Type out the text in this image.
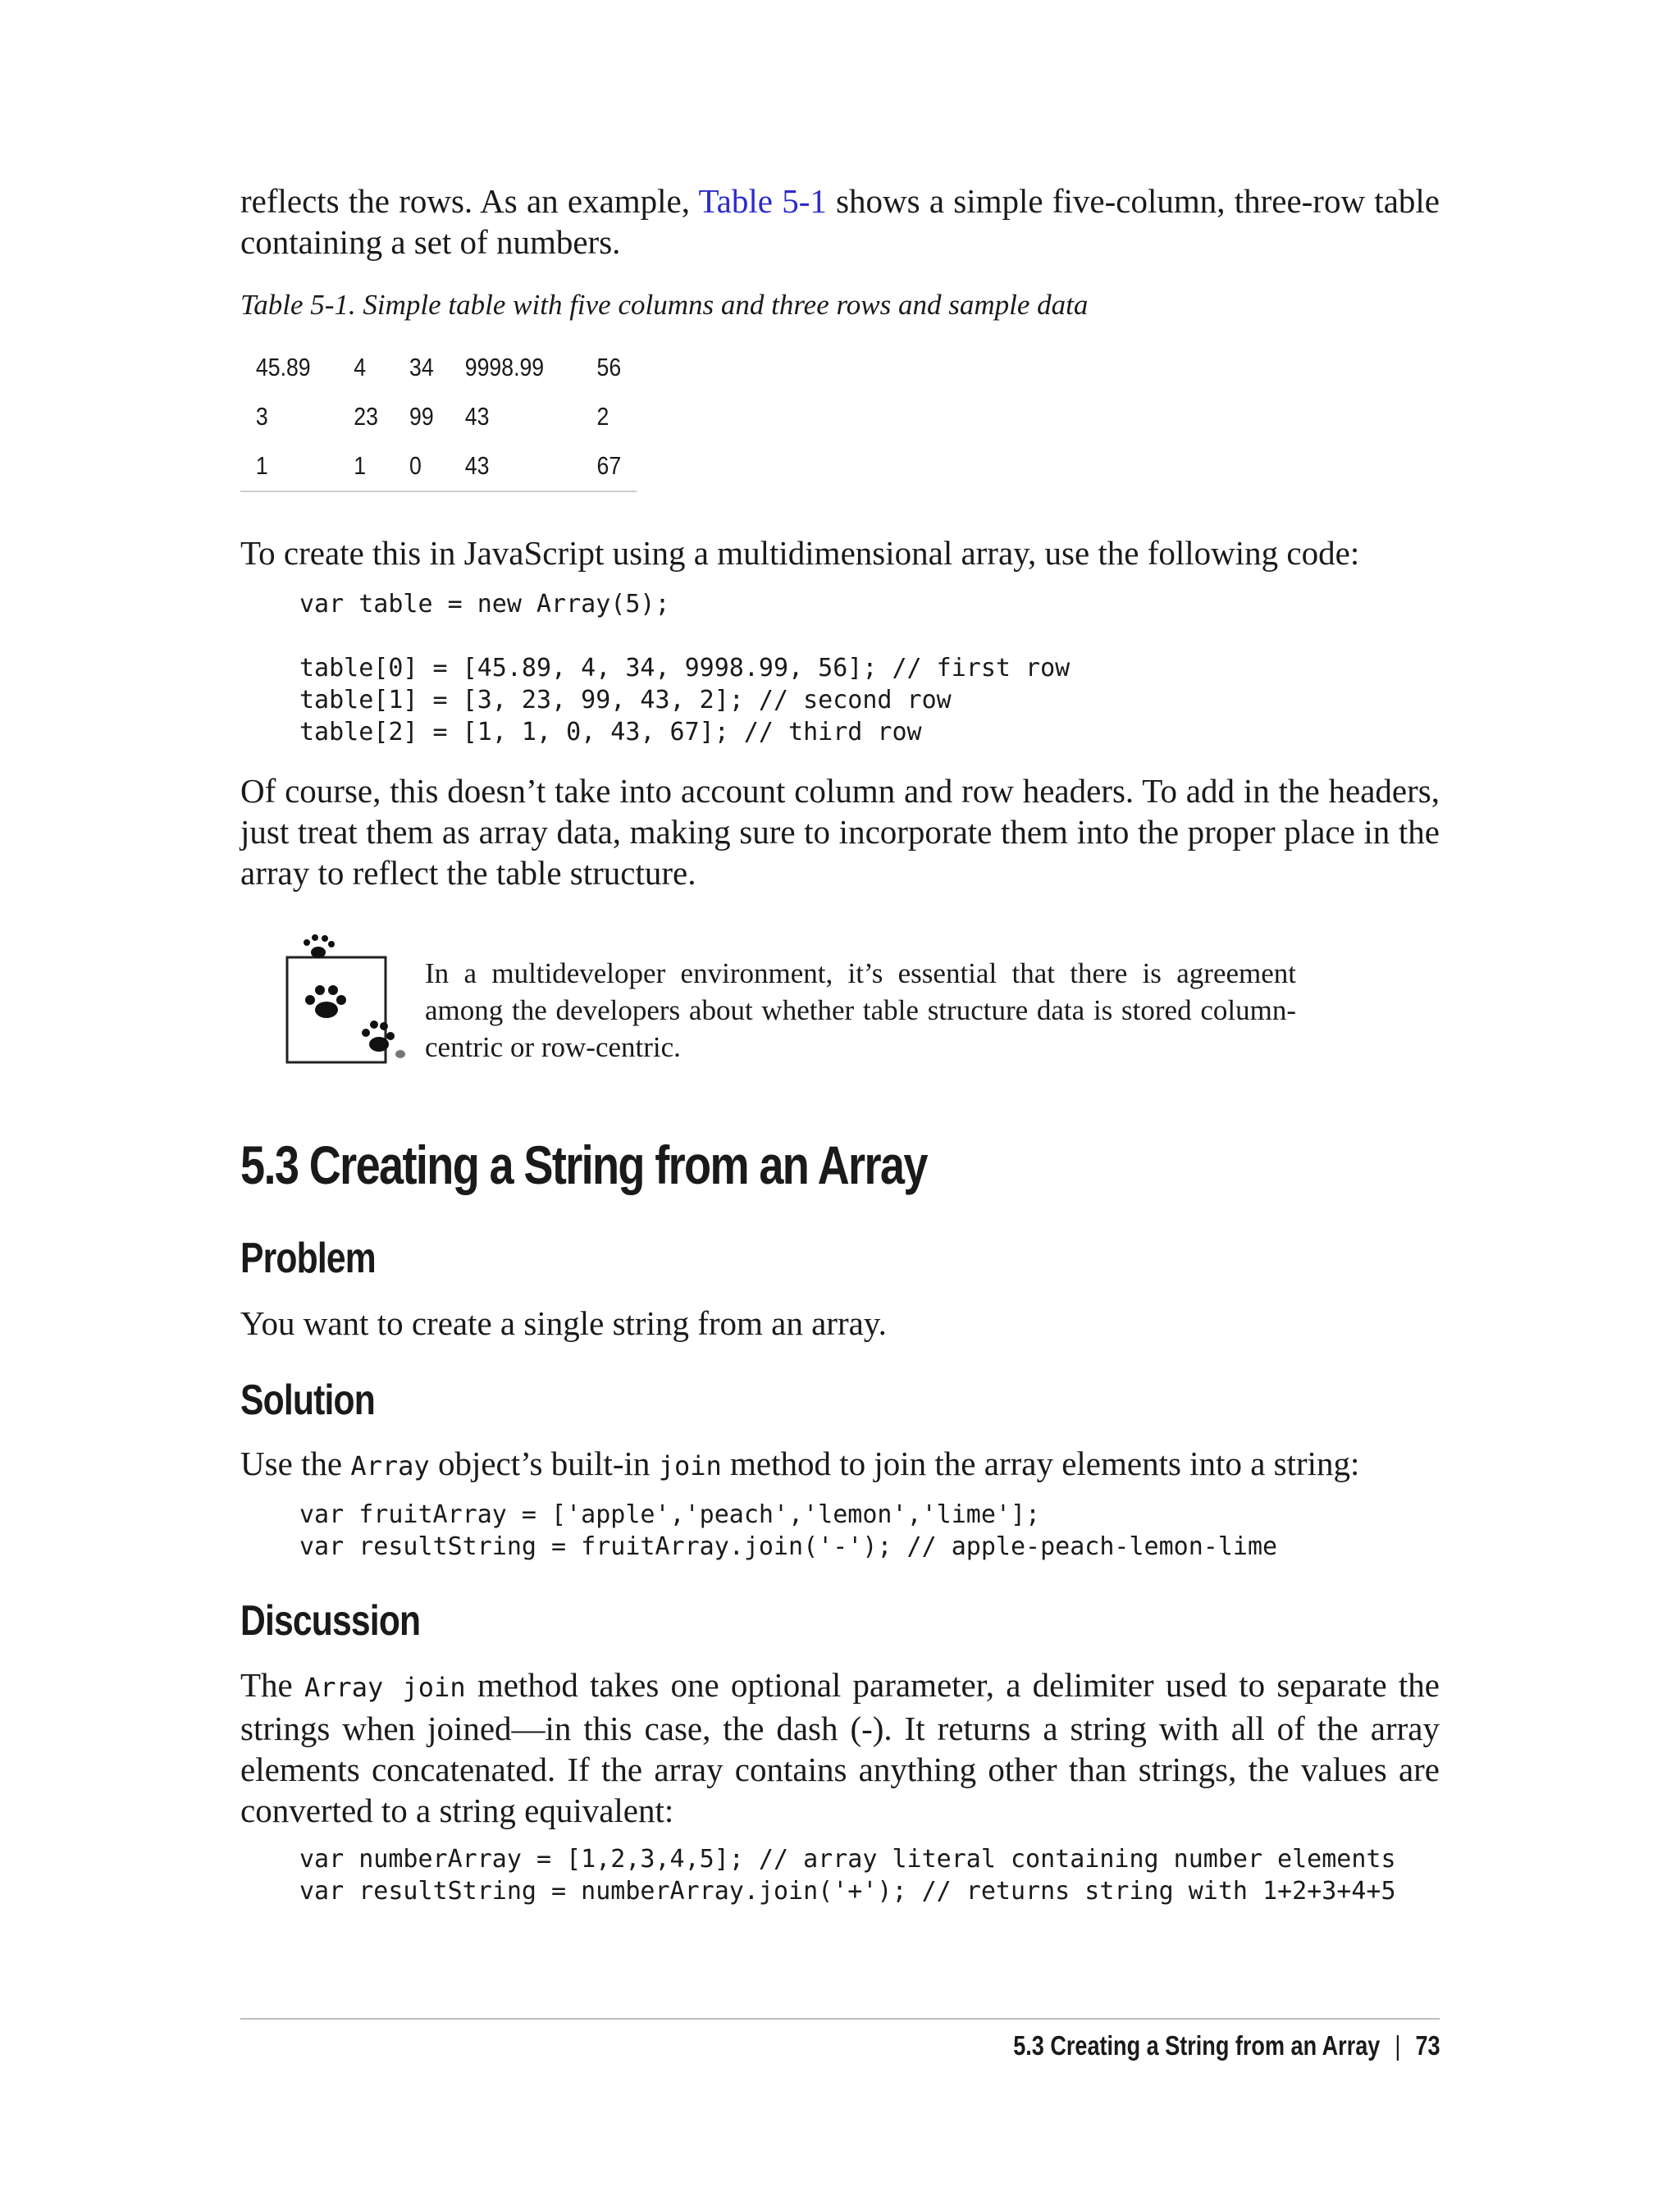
reflects the rows. As an example, Table 5-1 shows a simple five-column, three-row table containing a set of numbers.

Table 5-1. Simple table with five columns and three rows and sample data
45.89	4	34	9998.99	56
3	23	99	43	2
1	1	0	43	67

To create this in JavaScript using a multidimensional array, use the following code:

var table = new Array(5);

table[0] = [45.89, 4, 34, 9998.99, 56]; // first row
table[1] = [3, 23, 99, 43, 2]; // second row
table[2] = [1, 1, 0, 43, 67]; // third row

Of course, this doesn’t take into account column and row headers. To add in the headers, just treat them as array data, making sure to incorporate them into the proper place in the array to reflect the table structure.

5.3 Creating a String from an Array
Problem

You want to create a single string from an array.

Solution

Use the Array object’s built-in join method to join the array elements into a string:

var fruitArray = ['apple','peach','lemon','lime'];
var resultString = fruitArray.join('-'); // apple-peach-lemon-lime
Discussion

The Array join method takes one optional parameter, a delimiter used to separate the strings when joined—in this case, the dash (-). It returns a string with all of the array elements concatenated. If the array contains anything other than strings, the values are converted to a string equivalent:

var numberArray = [1,2,3,4,5]; // array literal containing number elements
var resultString = numberArray.join('+'); // returns string with 1+2+3+4+5

In a multideveloper environment, it’s essential that there is agreement among the developers about whether table structure data is stored column-centric or row-centric.

5.3 Creating a String from an Array | 73
